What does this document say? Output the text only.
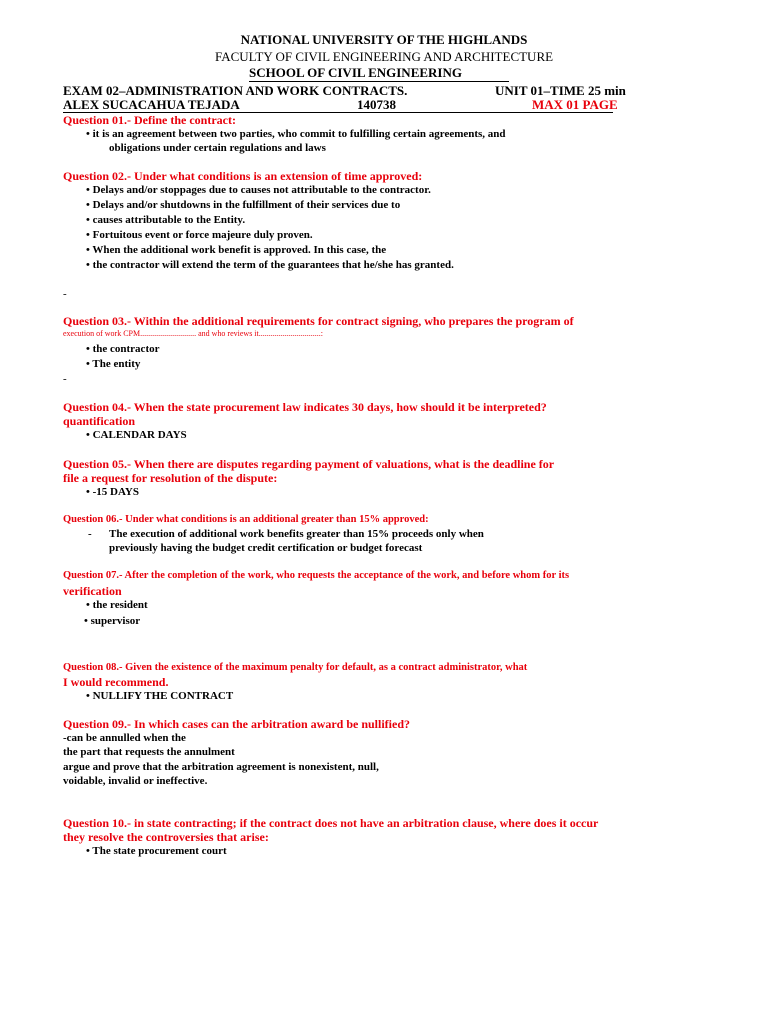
NATIONAL UNIVERSITY OF THE HIGHLANDS
FACULTY OF CIVIL ENGINEERING AND ARCHITECTURE
SCHOOL OF CIVIL ENGINEERING
EXAM 02–ADMINISTRATION AND WORK CONTRACTS.	UNIT 01–TIME 25 min
ALEX SUCACAHUA TEJADA	140738	MAX 01 PAGE
Question 01.- Define the contract:
• it is an agreement between two parties, who commit to fulfilling certain agreements, and
obligations under certain regulations and laws
Question 02.- Under what conditions is an extension of time approved:
• Delays and/or stoppages due to causes not attributable to the contractor.
• Delays and/or shutdowns in the fulfillment of their services due to
• causes attributable to the Entity.
• Fortuitous event or force majeure duly proven.
• When the additional work benefit is approved. In this case, the
• the contractor will extend the term of the guarantees that he/she has granted.
-
Question 03.- Within the additional requirements for contract signing, who prepares the program of
execution of work CPM............................ and who reviews it...............................:
• the contractor
• The entity
-
Question 04.- When the state procurement law indicates 30 days, how should it be interpreted?
quantification
• CALENDAR DAYS
Question 05.- When there are disputes regarding payment of valuations, what is the deadline for
file a request for resolution of the dispute:
• -15 DAYS
Question 06.- Under what conditions is an additional greater than 15% approved:
- The execution of additional work benefits greater than 15% proceeds only when
previously having the budget credit certification or budget forecast
Question 07.- After the completion of the work, who requests the acceptance of the work, and before whom for its
verification
• the resident
• supervisor
Question 08.- Given the existence of the maximum penalty for default, as a contract administrator, what
I would recommend.
• NULLIFY THE CONTRACT
Question 09.- In which cases can the arbitration award be nullified?
-can be annulled when the
the part that requests the annulment
argue and prove that the arbitration agreement is nonexistent, null,
voidable, invalid or ineffective.
Question 10.- in state contracting; if the contract does not have an arbitration clause, where does it occur
they resolve the controversies that arise:
• The state procurement court
